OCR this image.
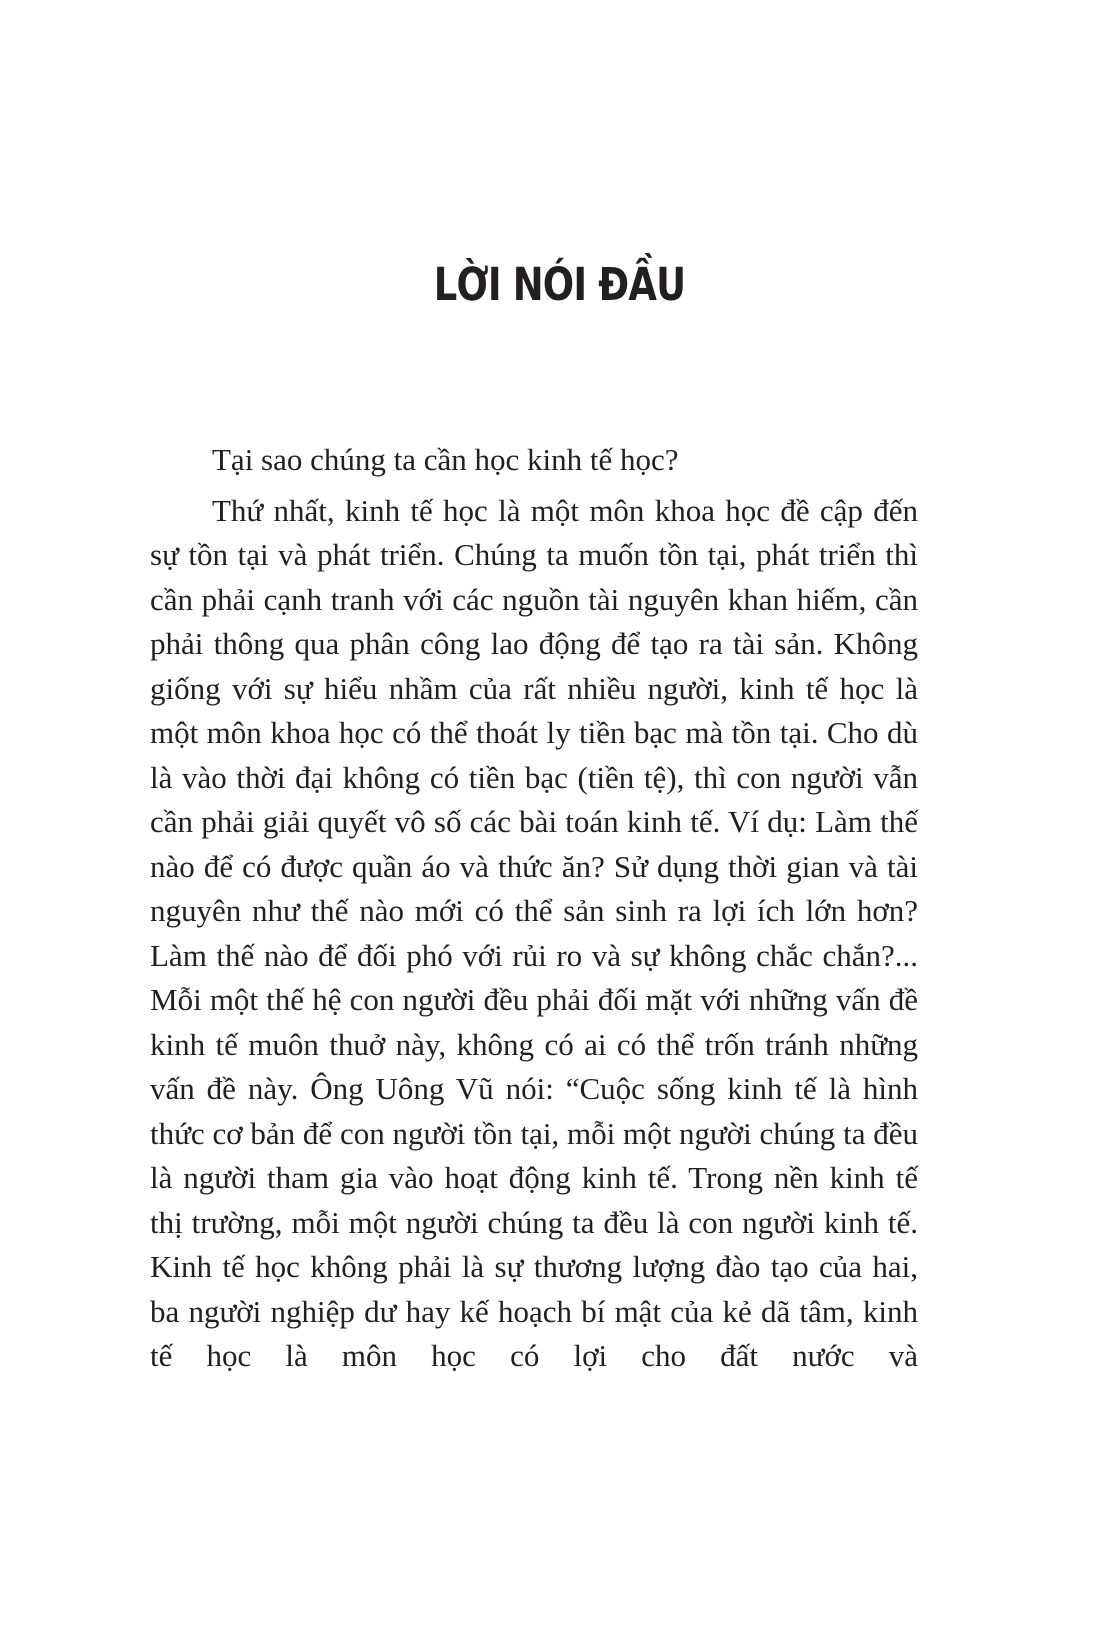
LỜI NÓI ĐẦU

Tại sao chúng ta cần học kinh tế học?

Thứ nhất, kinh tế học là một môn khoa học đề cập đến sự tồn tại và phát triển. Chúng ta muốn tồn tại, phát triển thì cần phải cạnh tranh với các nguồn tài nguyên khan hiếm, cần phải thông qua phân công lao động để tạo ra tài sản. Không giống với sự hiểu nhầm của rất nhiều người, kinh tế học là một môn khoa học có thể thoát ly tiền bạc mà tồn tại. Cho dù là vào thời đại không có tiền bạc (tiền tệ), thì con người vẫn cần phải giải quyết vô số các bài toán kinh tế. Ví dụ: Làm thế nào để có được quần áo và thức ăn? Sử dụng thời gian và tài nguyên như thế nào mới có thể sản sinh ra lợi ích lớn hơn? Làm thế nào để đối phó với rủi ro và sự không chắc chắn?... Mỗi một thế hệ con người đều phải đối mặt với những vấn đề kinh tế muôn thuở này, không có ai có thể trốn tránh những vấn đề này. Ông Uông Vũ nói: “Cuộc sống kinh tế là hình thức cơ bản để con người tồn tại, mỗi một người chúng ta đều là người tham gia vào hoạt động kinh tế. Trong nền kinh tế thị trường, mỗi một người chúng ta đều là con người kinh tế. Kinh tế học không phải là sự thương lượng đào tạo của hai, ba người nghiệp dư hay kế hoạch bí mật của kẻ dã tâm, kinh tế học là môn học có lợi cho đất nước và
